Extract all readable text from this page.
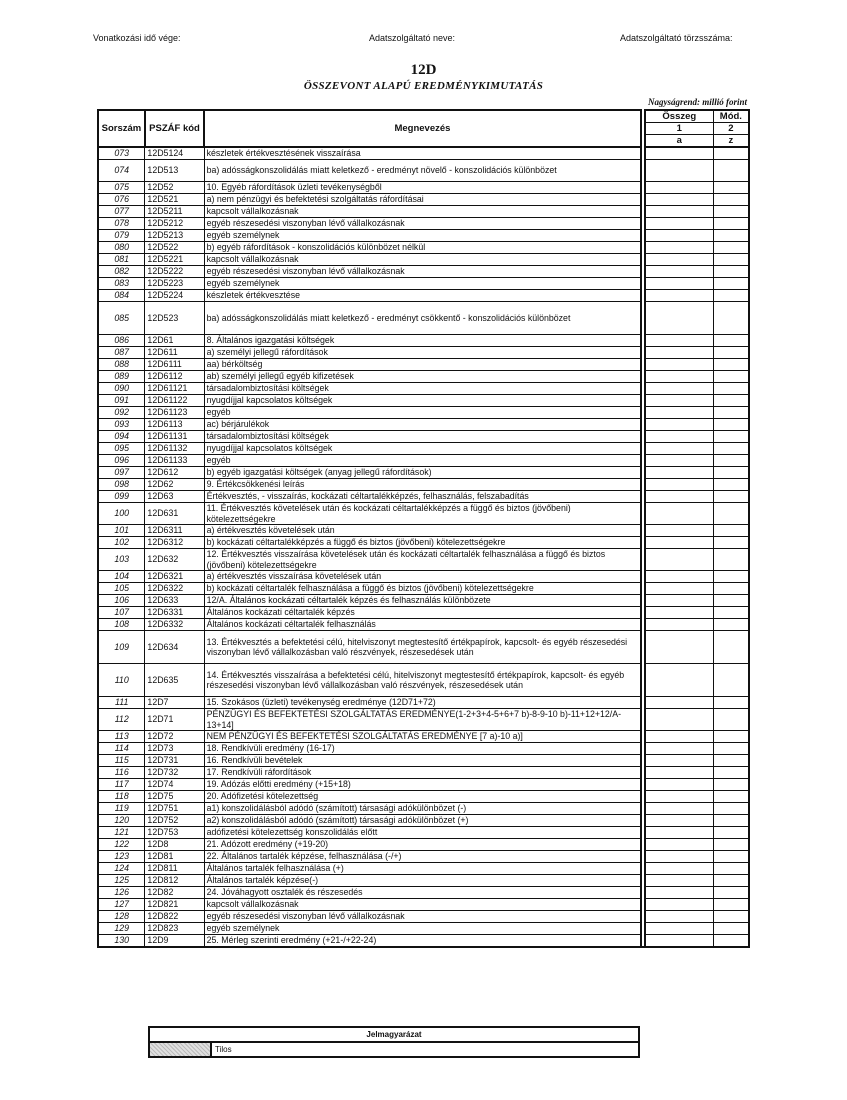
Vonatkozási idő vége:	Adatszolgáltató neve:	Adatszolgáltató törzsszáma:
12D
ÖSSZEVONT ALAPÚ EREDMÉNYKIMUTATÁS
Nagyságrend: millió forint
Sorszám	PSZÁF kód	Megnevezés		Összeg	Mód.
				1	2
				a	z
073	12D5124	készletek értékvesztésének visszaírása			
074	12D513	ba) adósságkonszolidálás miatt keletkező - eredményt növelő - konszolidációs különbözet			
075	12D52	10. Egyéb ráfordítások üzleti tevékenységből			
076	12D521	a) nem pénzügyi és befektetési szolgáltatás ráfordításai			
077	12D5211	kapcsolt vállalkozásnak			
078	12D5212	egyéb részesedési viszonyban lévő vállalkozásnak			
079	12D5213	egyéb személynek			
080	12D522	b) egyéb ráfordítások - konszolidációs különbözet nélkül			
081	12D5221	kapcsolt vállalkozásnak			
082	12D5222	egyéb részesedési viszonyban lévő vállalkozásnak			
083	12D5223	egyéb személynek			
084	12D5224	készletek értékvesztése			
085	12D523	ba) adósságkonszolidálás miatt keletkező - eredményt csökkentő - konszolidációs különbözet			
086	12D61	8. Általános igazgatási költségek			
087	12D611	a) személyi jellegű ráfordítások			
088	12D6111	aa) bérköltség			
089	12D6112	ab) személyi jellegű egyéb kifizetések			
090	12D61121	társadalombiztosítási költségek			
091	12D61122	nyugdíjjal kapcsolatos költségek			
092	12D61123	egyéb			
093	12D6113	ac) bérjárulékok			
094	12D61131	társadalombiztosítási költségek			
095	12D61132	nyugdíjjal kapcsolatos költségek			
096	12D61133	egyéb			
097	12D612	b) egyéb igazgatási költségek (anyag jellegű ráfordítások)			
098	12D62	9. Értékcsökkenési leírás			
099	12D63	Értékvesztés, - visszaírás, kockázati céltartalékképzés, felhasználás, felszabadítás			
100	12D631	11. Értékvesztés követelések után és kockázati céltartalékképzés a függő és biztos (jövőbeni) kötelezettségekre			
101	12D6311	a) értékvesztés követelések után			
102	12D6312	b) kockázati céltartalékképzés a függő és biztos (jövőbeni) kötelezettségekre			
103	12D632	12. Értékvesztés visszaírása követelések után és kockázati céltartalék felhasználása a függő és biztos (jövőbeni) kötelezettségekre			
104	12D6321	a) értékvesztés visszaírása követelések után			
105	12D6322	b) kockázati céltartalék felhasználása a függő és biztos (jövőbeni) kötelezettségekre			
106	12D633	12/A. Általános kockázati céltartalék képzés és felhasználás különbözete			
107	12D6331	Általános kockázati céltartalék képzés			
108	12D6332	Általános kockázati céltartalék felhasználás			
109	12D634	13. Értékvesztés a befektetési célú, hitelviszonyt megtestesítő értékpapírok, kapcsolt- és egyéb részesedési viszonyban lévő vállalkozásban való részvények, részesedések után			
110	12D635	14. Értékvesztés visszaírása a befektetési célú, hitelviszonyt megtestesítő értékpapírok, kapcsolt- és egyéb részesedési viszonyban lévő vállalkozásban való részvények, részesedések után			
111	12D7	15. Szokásos (üzleti) tevékenység eredménye (12D71+72)			
112	12D71	PÉNZÜGYI ÉS BEFEKTETÉSI SZOLGÁLTATÁS EREDMÉNYE(1-2+3+4-5+6+7 b)-8-9-10 b)-11+12+12/A-13+14]			
113	12D72	NEM PÉNZÜGYI ÉS BEFEKTETÉSI SZOLGÁLTATÁS EREDMÉNYE [7 a)-10 a)]			
114	12D73	18. Rendkívüli eredmény (16-17)			
115	12D731	16. Rendkívüli bevételek			
116	12D732	17. Rendkívüli ráfordítások			
117	12D74	19. Adózás előtti eredmény (+15+18)			
118	12D75	20. Adófizetési kötelezettség			
119	12D751	a1) konszolidálásból adódó (számított) társasági adókülönbözet (-)			
120	12D752	a2) konszolidálásból adódó (számított) társasági adókülönbözet (+)			
121	12D753	adófizetési kötelezettség konszolidálás előtt			
122	12D8	21. Adózott eredmény (+19-20)			
123	12D81	22. Általános tartalék képzése, felhasználása (-/+)			
124	12D811	Általános tartalék felhasználása (+)			
125	12D812	Általános tartalék képzése(-)			
126	12D82	24. Jóváhagyott osztalék és részesedés			
127	12D821	kapcsolt vállalkozásnak			
128	12D822	egyéb részesedési viszonyban lévő vállalkozásnak			
129	12D823	egyéb személynek			
130	12D9	25. Mérleg szerinti eredmény (+21-/+22-24)			
Jelmagyarázat
	Tilos
